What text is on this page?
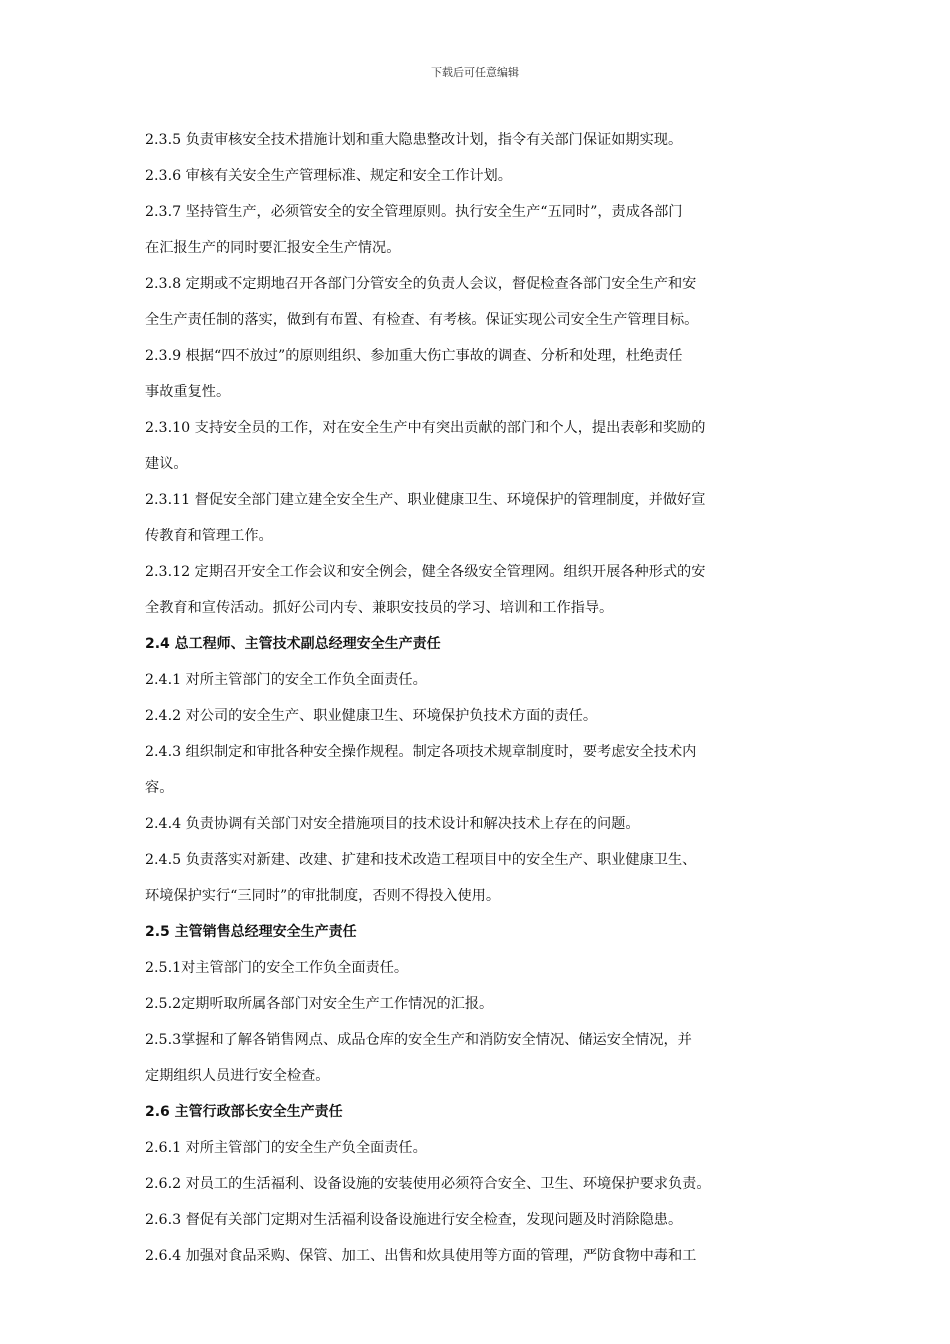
下载后可任意编辑
2.3.5 负责审核安全技术措施计划和重大隐患整改计划，指令有关部门保证如期实现。
2.3.6 审核有关安全生产管理标准、规定和安全工作计划。
2.3.7 坚持管生产，必须管安全的安全管理原则。执行安全生产“五同时”，责成各部门
在汇报生产的同时要汇报安全生产情况。
2.3.8 定期或不定期地召开各部门分管安全的负责人会议，督促检查各部门安全生产和安
全生产责任制的落实，做到有布置、有检查、有考核。保证实现公司安全生产管理目标。
2.3.9 根据“四不放过”的原则组织、参加重大伤亡事故的调查、分析和处理，杜绝责任
事故重复性。
2.3.10 支持安全员的工作，对在安全生产中有突出贡献的部门和个人，提出表彰和奖励的
建议。
2.3.11 督促安全部门建立建全安全生产、职业健康卫生、环境保护的管理制度，并做好宣
传教育和管理工作。
2.3.12 定期召开安全工作会议和安全例会，健全各级安全管理网。组织开展各种形式的安
全教育和宣传活动。抓好公司内专、兼职安技员的学习、培训和工作指导。
2.4 总工程师、主管技术副总经理安全生产责任
2.4.1 对所主管部门的安全工作负全面责任。
2.4.2 对公司的安全生产、职业健康卫生、环境保护负技术方面的责任。
2.4.3 组织制定和审批各种安全操作规程。制定各项技术规章制度时，要考虑安全技术内
容。
2.4.4 负责协调有关部门对安全措施项目的技术设计和解决技术上存在的问题。
2.4.5 负责落实对新建、改建、扩建和技术改造工程项目中的安全生产、职业健康卫生、
环境保护实行“三同时”的审批制度，否则不得投入使用。
2.5 主管销售总经理安全生产责任
2.5.1对主管部门的安全工作负全面责任。
2.5.2定期听取所属各部门对安全生产工作情况的汇报。
2.5.3掌握和了解各销售网点、成品仓库的安全生产和消防安全情况、储运安全情况，并
定期组织人员进行安全检查。
2.6 主管行政部长安全生产责任
2.6.1 对所主管部门的安全生产负全面责任。
2.6.2 对员工的生活福利、设备设施的安装使用必须符合安全、卫生、环境保护要求负责。
2.6.3 督促有关部门定期对生活福利设备设施进行安全检查，发现问题及时消除隐患。
2.6.4 加强对食品采购、保管、加工、出售和炊具使用等方面的管理，严防食物中毒和工
